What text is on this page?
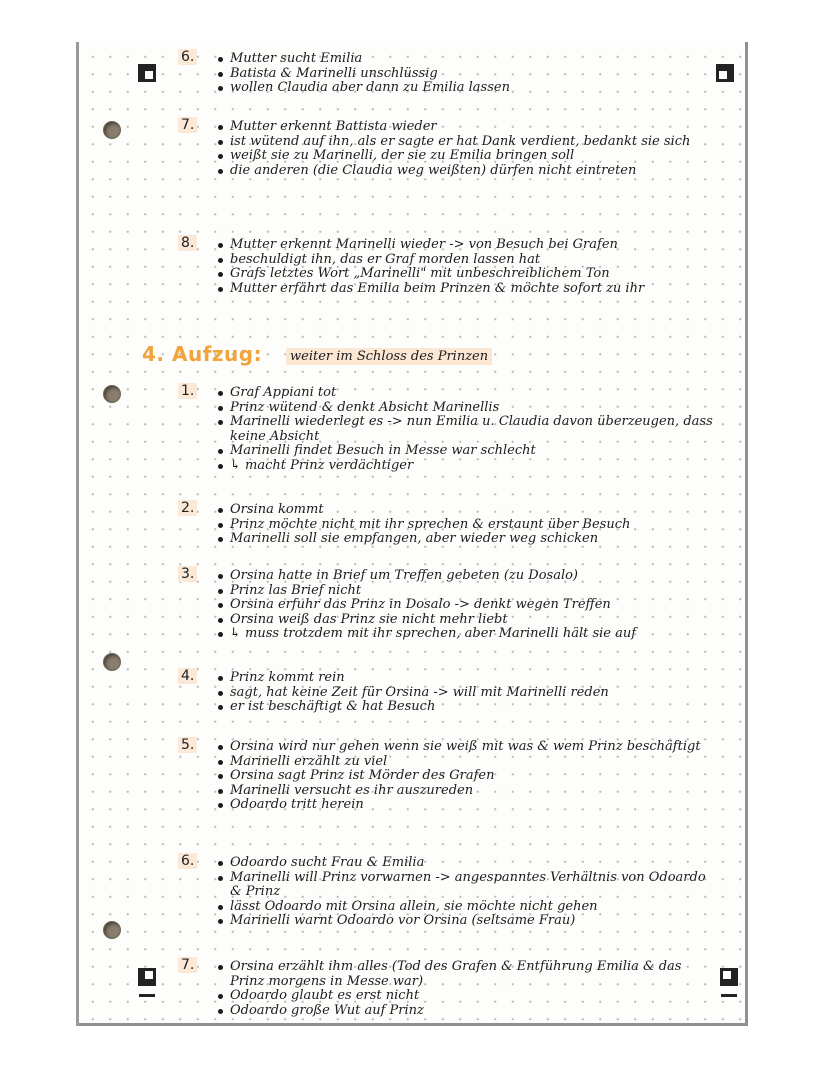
6.	Mutter sucht Emilia
Batista & Marinelli unschlüssig
wollen Claudia aber dann zu Emilia lassen
7.	Mutter erkennt Battista wieder
ist wütend auf ihn, als er sagte er hat Dank verdient, bedankt sie sich
weißt sie zu Marinelli, der sie zu Emilia bringen soll
die anderen (die Claudia weg weißten) dürfen nicht eintreten
8.	Mutter erkennt Marinelli wieder -> von Besuch bei Grafen
beschuldigt ihn, das er Graf morden lassen hat
Grafs letztes Wort „Marinelli" mit unbeschreiblichem Ton
Mutter erfährt das Emilia beim Prinzen & möchte sofort zu ihr
4. Aufzug:	weiter im Schloss des Prinzen
1.	Graf Appiani tot
Prinz wütend & denkt Absicht Marinellis
Marinelli wiederlegt es -> nun Emilia u. Claudia davon überzeugen, dass keine Absicht
Marinelli findet Besuch in Messe war schlecht
↳ macht Prinz verdächtiger
2.	Orsina kommt
Prinz möchte nicht mit ihr sprechen & erstaunt über Besuch
Marinelli soll sie empfangen, aber wieder weg schicken
3.	Orsina hatte in Brief um Treffen gebeten (zu Dosalo)
Prinz las Brief nicht
Orsina erfuhr das Prinz in Dosalo -> denkt wegen Treffen
Orsina weiß das Prinz sie nicht mehr liebt
↳ muss trotzdem mit ihr sprechen, aber Marinelli hält sie auf
4.	Prinz kommt rein
sagt, hat keine Zeit für Orsina -> will mit Marinelli reden
er ist beschäftigt & hat Besuch
5.	Orsina wird nur gehen wenn sie weiß mit was & wem Prinz beschäftigt
Marinelli erzählt zu viel
Orsina sagt Prinz ist Mörder des Grafen
Marinelli versucht es ihr auszureden
Odoardo tritt herein
6.	Odoardo sucht Frau & Emilia
Marinelli will Prinz vorwarnen -> angespanntes Verhältnis von Odoardo & Prinz
lässt Odoardo mit Orsina allein, sie möchte nicht gehen
Marinelli warnt Odoardo vor Orsina (seltsame Frau)
7.	Orsina erzählt ihm alles (Tod des Grafen & Entführung Emilia & das Prinz morgens in Messe war)
Odoardo glaubt es erst nicht
Odoardo große Wut auf Prinz
